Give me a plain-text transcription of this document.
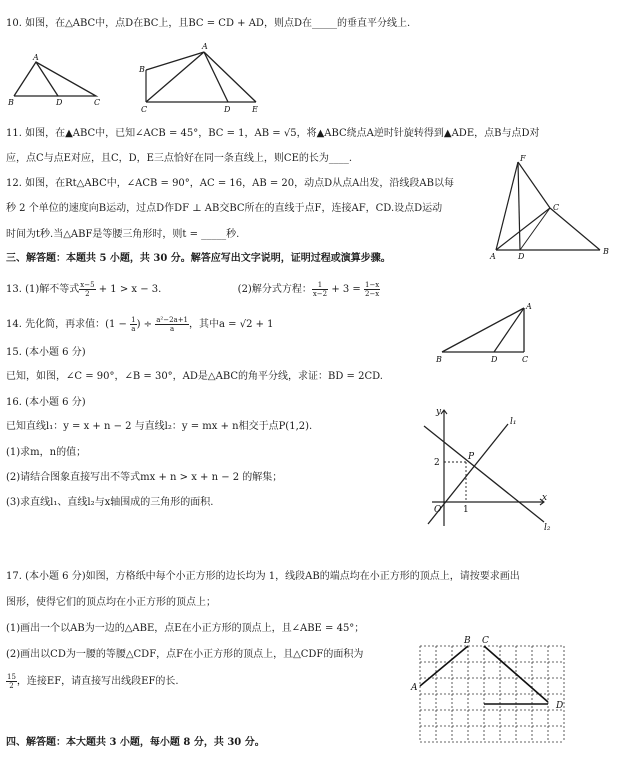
10. 如图，在△ABC中，点D在BC上，且BC = CD + AD，则点D在_____的垂直平分线上.
A
B	D	C
A
B
C	D	E
11. 如图，在▲ABC中，已知∠ACB = 45°，BC = 1，AB = √5，将▲ABC绕点A逆时针旋转得到▲ADE，点B与点D对
应，点C与点E对应，且C，D，E三点恰好在同一条直线上，则CE的长为____.
12. 如图，在Rt△ABC中，∠ACB = 90°，AC = 16，AB = 20，动点D从点A出发，沿线段AB以每
秒 2 个单位的速度向B运动，过点D作DF ⊥ AB交BC所在的直线于点F，连接AF，CD.设点D运动
时间为t秒.当△ABF是等腰三角形时，则t = _____秒.
F
C
A	D
B
三、解答题：本题共 5 小题，共 30 分。解答应写出文字说明，证明过程或演算步骤。
13. (1)解不等式 $\frac{x-5}{2} + 1 > x - 3$.	(2)解分式方程： $\frac{1}{x-2} + 3 = \frac{1-x}{2-x}$
14. 先化简，再求值：($1 - \frac{1}{a}$ ) ÷ $\frac{\text{a²−2a+1}}{a}$ ，其中a = √2 + 1
A
B	D	C
15. (本小题 6 分)
已知，如图，∠C = 90°，∠B = 30°，AD是△ABC的角平分线，求证：BD = 2CD.
16. (本小题 6 分)
已知直线l₁：y = x + n − 2 与直线l₂：y = mx + n相交于点P(1,2).
(1)求m，n的值；
(2)请结合图象直接写出不等式mx + n > x + n − 2 的解集；
(3)求直线l₁、直线l₂与x轴围成的三角形的面积.
y
x
O 1
2
P
l₁
l₂
17. (本小题 6 分)如图，方格纸中每个小正方形的边长均为 1，线段AB的端点均在小正方形的顶点上，请按要求画出
图形，使得它们的顶点均在小正方形的顶点上；
(1)画出一个以AB为一边的△ABE，点E在小正方形的顶点上，且∠ABE = 45°；
(2)画出以CD为一腰的等腰△CDF，点F在小正方形的顶点上，且△CDF的面积为
$\frac{15}{2}$ ，连接EF，请直接写出线段EF的长.
B C
A
D
四、解答题：本大题共 3 小题，每小题 8 分，共 30 分。
